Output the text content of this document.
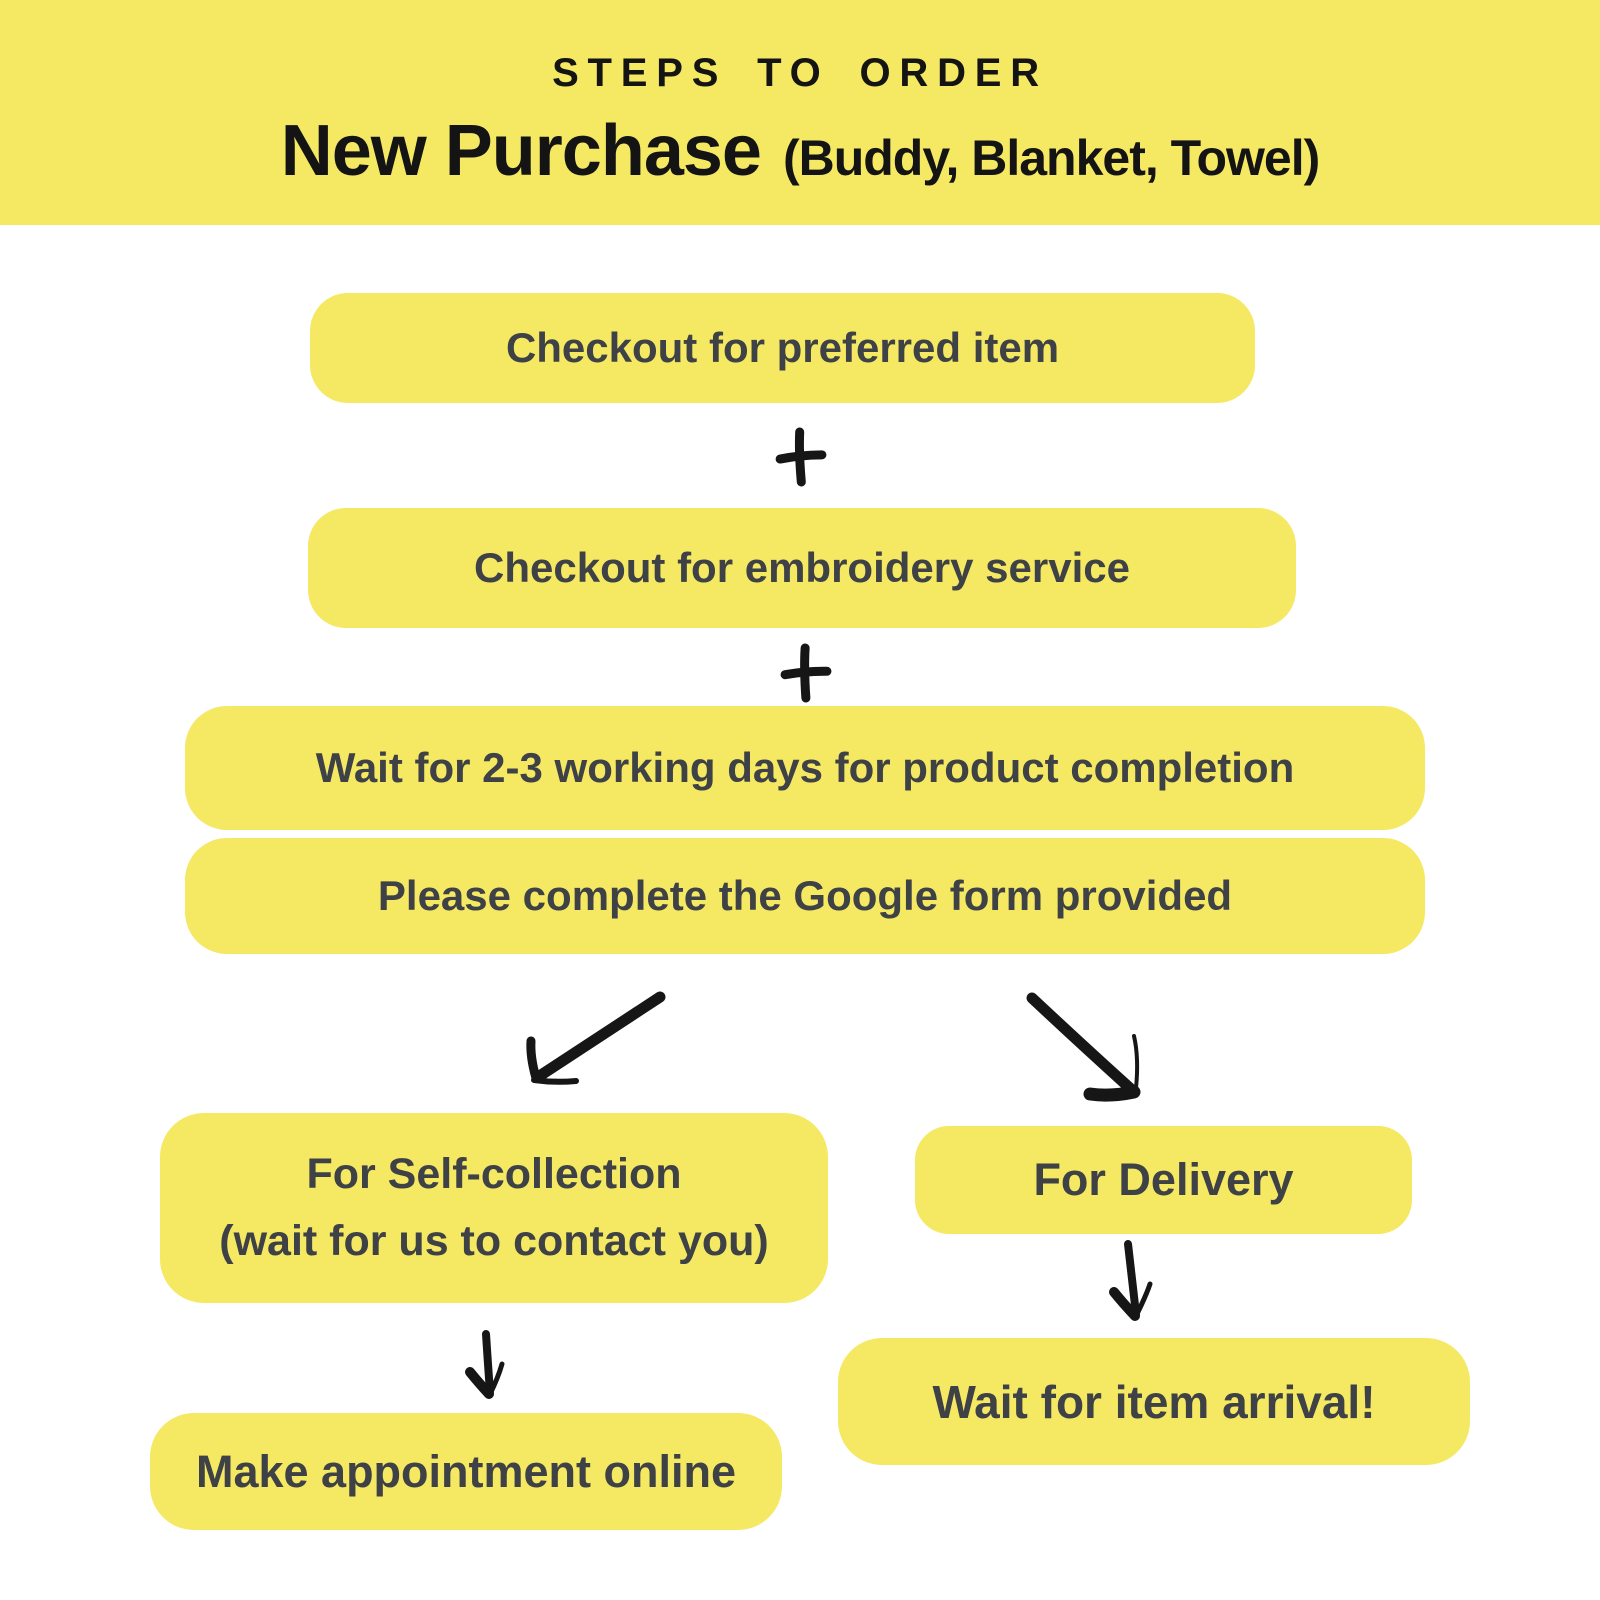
STEPS TO ORDER
New Purchase (Buddy, Blanket, Towel)
Checkout for preferred item
Checkout for embroidery service
Wait for 2-3 working days for product completion
Please complete the Google form provided
For Self-collection
(wait for us to contact you)
Make appointment online
For Delivery
Wait for item arrival!
